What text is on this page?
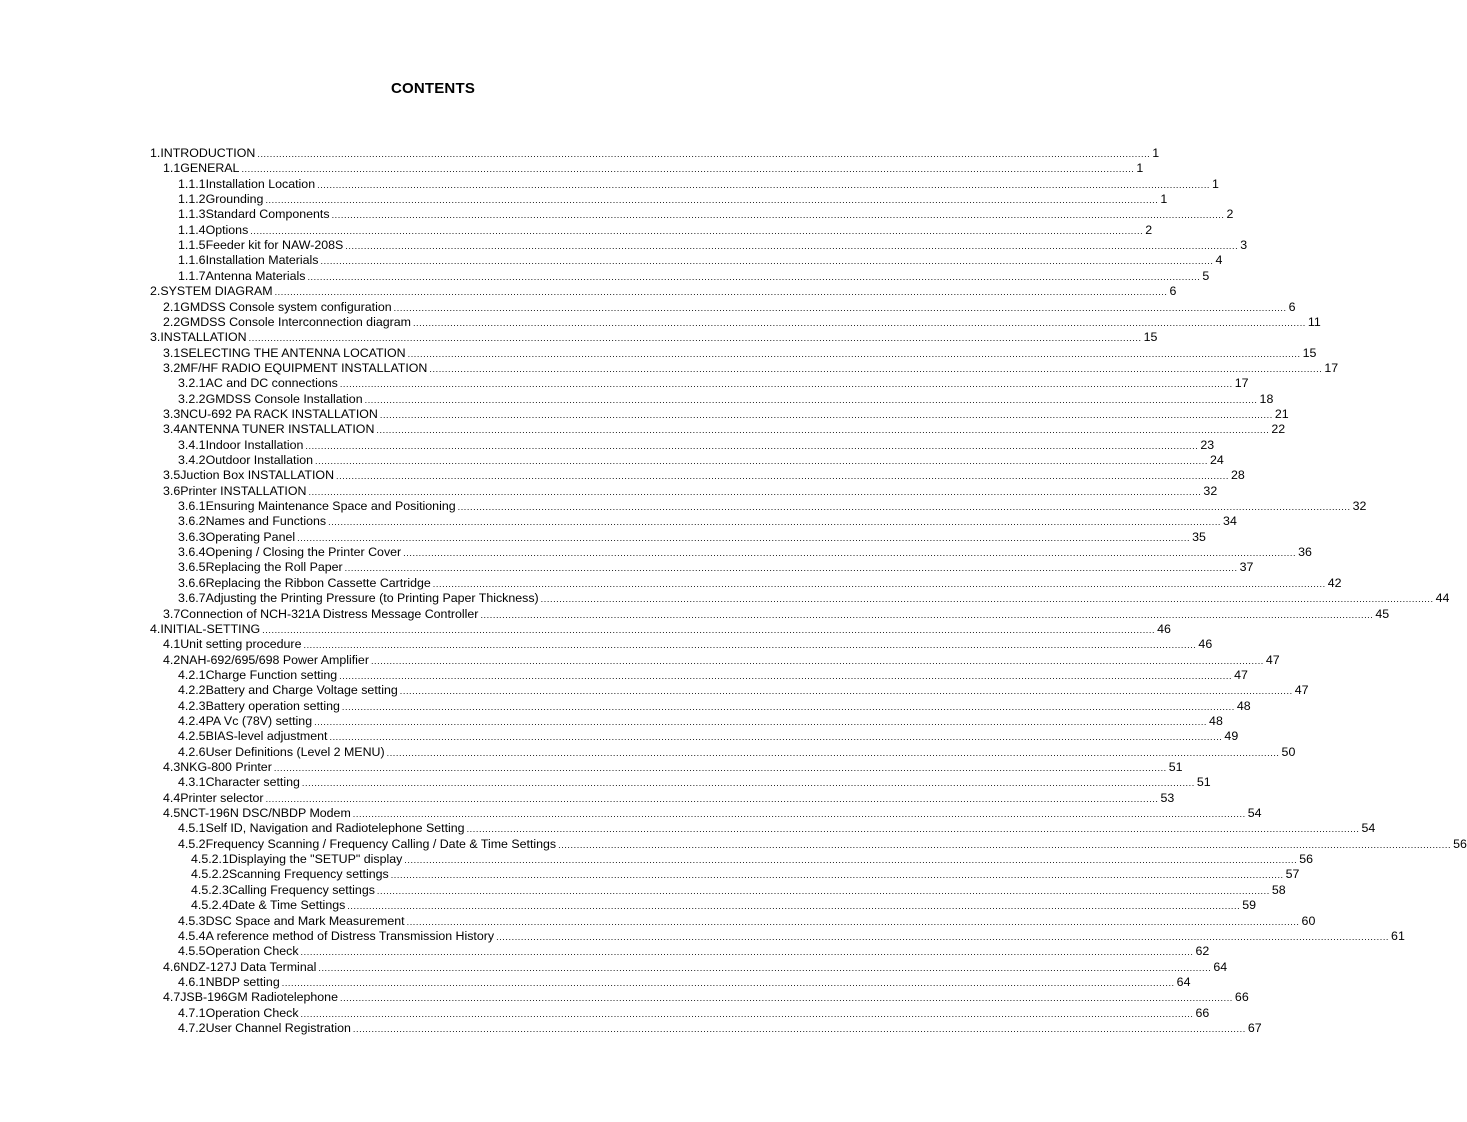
CONTENTS
1. INTRODUCTION .....	1
1.1 GENERAL .....	1
1.1.1 Installation Location .....	1
1.1.2 Grounding .....	1
1.1.3 Standard Components .....	2
1.1.4 Options .....	2
1.1.5 Feeder kit for NAW-208S .....	3
1.1.6 Installation Materials .....	4
1.1.7 Antenna Materials .....	5
2. SYSTEM DIAGRAM .....	6
2.1 GMDSS Console system configuration .....	6
2.2 GMDSS Console Interconnection diagram .....	11
3. INSTALLATION .....	15
3.1 SELECTING THE ANTENNA LOCATION .....	15
3.2 MF/HF RADIO EQUIPMENT INSTALLATION .....	17
3.2.1 AC and DC connections .....	17
3.2.2 GMDSS Console Installation .....	18
3.3 NCU-692 PA RACK INSTALLATION .....	21
3.4 ANTENNA TUNER INSTALLATION .....	22
3.4.1 Indoor Installation .....	23
3.4.2 Outdoor Installation .....	24
3.5 Juction Box INSTALLATION .....	28
3.6 Printer INSTALLATION .....	32
3.6.1 Ensuring Maintenance Space and Positioning .....	32
3.6.2 Names and Functions .....	34
3.6.3 Operating Panel .....	35
3.6.4 Opening / Closing the Printer Cover .....	36
3.6.5 Replacing the Roll Paper .....	37
3.6.6 Replacing the Ribbon Cassette Cartridge .....	42
3.6.7 Adjusting the Printing Pressure (to Printing Paper Thickness) .....	44
3.7 Connection of NCH-321A Distress Message Controller .....	45
4. INITIAL-SETTING .....	46
4.1 Unit setting procedure .....	46
4.2 NAH-692/695/698 Power Amplifier .....	47
4.2.1 Charge Function setting .....	47
4.2.2 Battery and Charge Voltage setting .....	47
4.2.3 Battery operation setting .....	48
4.2.4 PA Vc (78V) setting .....	48
4.2.5 BIAS-level adjustment .....	49
4.2.6 User Definitions (Level 2 MENU) .....	50
4.3 NKG-800 Printer .....	51
4.3.1 Character setting .....	51
4.4 Printer selector .....	53
4.5 NCT-196N DSC/NBDP Modem .....	54
4.5.1 Self ID, Navigation and Radiotelephone Setting .....	54
4.5.2 Frequency Scanning / Frequency Calling / Date & Time Settings .....	56
4.5.2.1 Displaying the "SETUP" display .....	56
4.5.2.2 Scanning Frequency settings .....	57
4.5.2.3 Calling Frequency settings .....	58
4.5.2.4 Date & Time Settings .....	59
4.5.3 DSC Space and Mark Measurement .....	60
4.5.4 A reference method of Distress Transmission History .....	61
4.5.5 Operation Check .....	62
4.6 NDZ-127J Data Terminal .....	64
4.6.1 NBDP setting .....	64
4.7 JSB-196GM Radiotelephone .....	66
4.7.1 Operation Check .....	66
4.7.2 User Channel Registration .....	67
